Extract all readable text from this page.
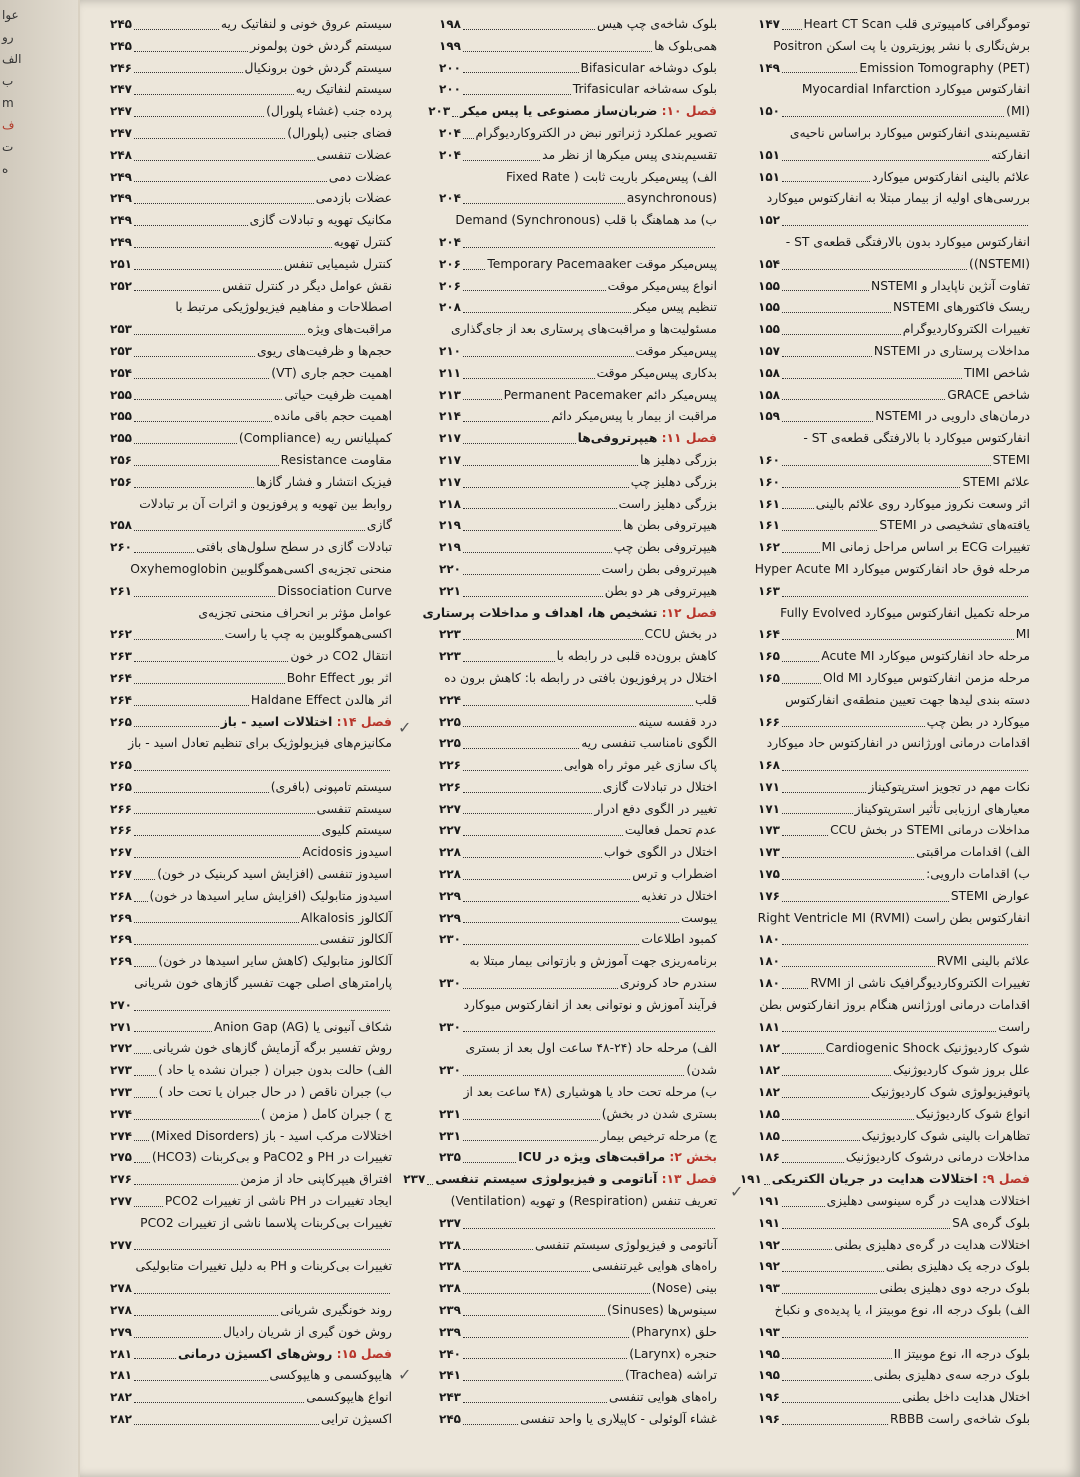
عوا
رو
الف
ب
m
ف
ت
ه
توموگرافی کامپیوتری قلب Heart CT Scan
۱۴۷
برش‌نگاری با نشر پوزیترون یا پت اسکن Positron
(PET) Emission Tomography
۱۴۹
انفارکتوس میوکارد Myocardial Infarction
(MI)
۱۵۰
تقسیم‌بندی انفارکتوس میوکارد براساس ناحیه‌ی
انفارکته
۱۵۱
علائم بالینی انفارکتوس میوکارد
۱۵۱
بررسی‌های اولیه از بیمار مبتلا به انفارکتوس میوکارد
۱۵۲
انفارکتوس میوکارد بدون بالارفتگی قطعه‌ی ST -
(NSTEMI))
۱۵۴
تفاوت آنژین ناپایدار و NSTEMI
۱۵۵
ریسک فاکتورهای NSTEMI
۱۵۵
تغییرات الکتروکاردیوگرام
۱۵۵
مداخلات پرستاری در NSTEMI
۱۵۷
شاخص TIMI
۱۵۸
شاخص GRACE
۱۵۸
درمان‌های دارویی در NSTEMI
۱۵۹
انفارکتوس میوکارد با بالارفتگی قطعه‌ی ST -
STEMI
۱۶۰
علائم STEMI
۱۶۰
اثر وسعت نکروز میوکارد روی علائم بالینی
۱۶۱
یافته‌های تشخیصی در STEMI
۱۶۱
تغییرات ECG بر اساس مراحل زمانی MI
۱۶۲
مرحله فوق حاد انفارکتوس میوکارد Hyper Acute MI
۱۶۳
مرحله تکمیل انفارکتوس میوکارد Fully Evolved
MI
۱۶۴
مرحله حاد انفارکتوس میوکارد Acute MI
۱۶۵
مرحله مزمن انفارکتوس میوکارد Old MI
۱۶۵
دسته بندی لیدها جهت تعیین منطقه‌ی انفارکتوس
میوکارد در بطن چپ
۱۶۶
اقدامات درمانی اورژانس در انفارکتوس حاد میوکارد
۱۶۸
نکات مهم در تجویز استرپتوکیناز
۱۷۱
معیارهای ارزیابی تأثیر استرپتوکیناز
۱۷۱
مداخلات درمانی STEMI در بخش CCU
۱۷۳
الف) اقدامات مراقبتی
۱۷۳
ب) اقدامات دارویی:
۱۷۵
عوارض STEMI
۱۷۶
انفارکتوس بطن راست Right Ventricle MI (RVMI)
۱۸۰
علائم بالینی RVMI
۱۸۰
تغییرات الکتروکاردیوگرافیک ناشی از RVMI
۱۸۰
اقدامات درمانی اورژانس هنگام بروز انفارکتوس بطن
راست
۱۸۱
شوک کاردیوژنیک Cardiogenic Shock
۱۸۲
علل بروز شوک کاردیوژنیک
۱۸۲
پاتوفیزیولوژی شوک کاردیوژنیک
۱۸۲
انواع شوک کاردیوژنیک
۱۸۵
تظاهرات بالینی شوک کاردیوژنیک
۱۸۵
مداخلات درمانی درشوک کاردیوژنیک
۱۸۶
فصل ۹: اختلالات هدایت در جریان الکتریکی
۱۹۱
اختلالات هدایت در گره سینوسی دهلیزی
۱۹۱
بلوک گره‌ی SA
۱۹۱
اختلالات هدایت در گره‌ی دهلیزی بطنی
۱۹۲
بلوک درجه یک دهلیزی بطنی
۱۹۲
بلوک درجه دوی دهلیزی بطنی
۱۹۳
الف) بلوک درجه II، نوع موبیتز I، یا پدیده‌ی و نکباخ
۱۹۳
بلوک درجه II، نوع موبیتز II
۱۹۵
بلوک درجه سه‌ی دهلیزی بطنی
۱۹۵
اختلال هدایت داخل بطنی
۱۹۶
بلوک شاخه‌ی راست RBBB
۱۹۶
بلوک شاخه‌ی چپ هیس
۱۹۸
همی‌بلوک ها
۱۹۹
بلوک دوشاخه Bifasicular
۲۰۰
بلوک سه‌شاخه Trifasicular
۲۰۰
فصل ۱۰: ضربان‌ساز مصنوعی یا پیس میکر
۲۰۳
تصویر عملکرد ژنراتور نبض در الکتروکاردیوگرام
۲۰۴
تقسیم‌بندی پیس میکرها از نظر مد
۲۰۴
الف) پیس‌میکر باریت ثابت ( Fixed Rate
(asynchronous
۲۰۴
ب) مد هماهنگ با قلب Demand (Synchronous)
۲۰۴
پیس‌میکر موقت Temporary Pacemaaker
۲۰۶
انواع پیس‌میکر موقت
۲۰۶
تنظیم پیس میکر
۲۰۸
مسئولیت‌ها و مراقبت‌های پرستاری بعد از جای‌گذاری
پیس‌میکر موقت
۲۱۰
بدکاری پیس‌میکر موقت
۲۱۱
پیس‌میکر دائم Permanent Pacemaker
۲۱۳
مراقبت از بیمار با پیس‌میکر دائم
۲۱۴
فصل ۱۱: هیپرتروفی‌ها
۲۱۷
بزرگی دهلیز ها
۲۱۷
بزرگی دهلیز چپ
۲۱۷
بزرگی دهلیز راست
۲۱۸
هیپرتروفی بطن ها
۲۱۹
هیپرتروفی بطن چپ
۲۱۹
هیپرتروفی بطن راست
۲۲۰
هیپرتروفی هر دو بطن
۲۲۱
فصل ۱۲: تشخیص ها، اهداف و مداخلات پرستاری
در بخش CCU
۲۲۳
کاهش برون‌ده قلبی در رابطه با
۲۲۳
اختلال در پرفوزیون بافتی در رابطه با: کاهش برون ده
قلب
۲۲۴
درد قفسه سینه
۲۲۵
الگوی نامناسب تنفسی ریه
۲۲۵
پاک سازی غیر موثر راه هوایی
۲۲۶
اختلال در تبادلات گازی
۲۲۶
تغییر در الگوی دفع ادرار
۲۲۷
عدم تحمل فعالیت
۲۲۷
اختلال در الگوی خواب
۲۲۸
اضطراب و ترس
۲۲۸
اختلال در تغذیه
۲۲۹
یبوست
۲۲۹
کمبود اطلاعات
۲۳۰
برنامه‌ریزی جهت آموزش و بازتوانی بیمار مبتلا به
سندرم حاد کرونری
۲۳۰
فرآیند آموزش و نوتوانی بعد از انفارکتوس میوکارد
۲۳۰
الف) مرحله حاد (۲۴-۴۸ ساعت اول بعد از بستری
شدن)
۲۳۰
ب) مرحله تحت حاد یا هوشیاری (۴۸ ساعت بعد از
بستری شدن در بخش)
۲۳۱
ج) مرحله ترخیص بیمار
۲۳۱
بخش ۲: مراقبت‌های ویژه در ICU
۲۳۵
فصل ۱۳: آناتومی و فیزیولوژی سیستم تنفسی
۲۳۷
تعریف تنفس (Respiration) و تهویه (Ventilation)
۲۳۷
آناتومی و فیزیولوژی سیستم تنفسی
۲۳۸
راه‌های هوایی غیرتنفسی
۲۳۸
بینی (Nose)
۲۳۸
سینوس‌ها (Sinuses)
۲۳۹
حلق (Pharynx)
۲۳۹
حنجره (Larynx)
۲۴۰
تراشه (Trachea)
۲۴۱
راه‌های هوایی تنفسی
۲۴۳
غشاء آلوئولی - کاپیلاری یا واحد تنفسی
۲۴۵
سیستم عروق خونی و لنفاتیک ریه
۲۴۵
سیستم گردش خون پولمونر
۲۴۵
سیستم گردش خون برونکیال
۲۴۶
سیستم لنفاتیک ریه
۲۴۷
پرده جنب (غشاء پلورال)
۲۴۷
فضای جنبی (پلورال)
۲۴۷
عضلات تنفسی
۲۴۸
عضلات دمی
۲۴۹
عضلات بازدمی
۲۴۹
مکانیک تهویه و تبادلات گازی
۲۴۹
کنترل تهویه
۲۴۹
کنترل شیمیایی تنفس
۲۵۱
نقش عوامل دیگر در کنترل تنفس
۲۵۲
اصطلاحات و مفاهیم فیزیولوژیکی مرتبط با
مراقبت‌های ویژه
۲۵۳
حجم‌ها و ظرفیت‌های ریوی
۲۵۳
اهمیت حجم جاری (VT)
۲۵۴
اهمیت ظرفیت حیاتی
۲۵۵
اهمیت حجم باقی مانده
۲۵۵
کمپلیانس ریه (Compliance)
۲۵۵
مقاومت Resistance
۲۵۶
فیزیک انتشار و فشار گازها
۲۵۶
روابط بین تهویه و پرفوزیون و اثرات آن بر تبادلات
گازی
۲۵۸
تبادلات گازی در سطح سلول‌های بافتی
۲۶۰
منحنی تجزیه‌ی اکسی‌هموگلوبین Oxyhemoglobin
Dissociation Curve
۲۶۱
عوامل مؤثر بر انحراف منحنی تجزیه‌ی
اکسی‌هموگلوبین به چپ یا راست
۲۶۲
انتقال CO2 در خون
۲۶۳
اثر بور Bohr Effect
۲۶۴
اثر هالدن Haldane Effect
۲۶۴
فصل ۱۴: اختلالات اسید - باز
۲۶۵
مکانیزم‌های فیزیولوژیک برای تنظیم تعادل اسید - باز
۲۶۵
سیستم تامپونی (بافری)
۲۶۵
سیستم تنفسی
۲۶۶
سیستم کلیوی
۲۶۶
اسیدوز Acidosis
۲۶۷
اسیدوز تنفسی (افزایش اسید کربنیک در خون)
۲۶۷
اسیدوز متابولیک (افزایش سایر اسیدها در خون)
۲۶۸
آلکالوز Alkalosis
۲۶۹
آلکالوز تنفسی
۲۶۹
آلکالوز متابولیک (کاهش سایر اسیدها در خون)
۲۶۹
پارامترهای اصلی جهت تفسیر گازهای خون شریانی
۲۷۰
شکاف آنیونی یا (AG) Anion Gap
۲۷۱
روش تفسیر برگه آزمایش گازهای خون شریانی
۲۷۲
الف) حالت بدون جبران ( جبران نشده یا حاد )
۲۷۳
ب) جبران ناقص ( در حال جبران یا تحت حاد )
۲۷۳
ج ) جبران کامل ( مزمن )
۲۷۴
اختلالات مرکب اسید - باز (Mixed Disorders)
۲۷۴
تغییرات در PH و PaCO2 و بی‌کربنات (HCO3)
۲۷۵
افتراق هیپرکاپنی حاد از مزمن
۲۷۶
ایجاد تغییرات در PH ناشی از تغییرات PCO2
۲۷۷
تغییرات بی‌کربنات پلاسما ناشی از تغییرات PCO2
۲۷۷
تغییرات بی‌کربنات و PH به دلیل تغییرات متابولیکی
۲۷۸
روند خونگیری شریانی
۲۷۸
روش خون گیری از شریان رادیال
۲۷۹
فصل ۱۵: روش‌های اکسیژن درمانی
۲۸۱
هایپوکسمی و هایپوکسی
۲۸۱
انواع هایپوکسمی
۲۸۲
اکسیژن ترایی
۲۸۲
✓
✓
✓
